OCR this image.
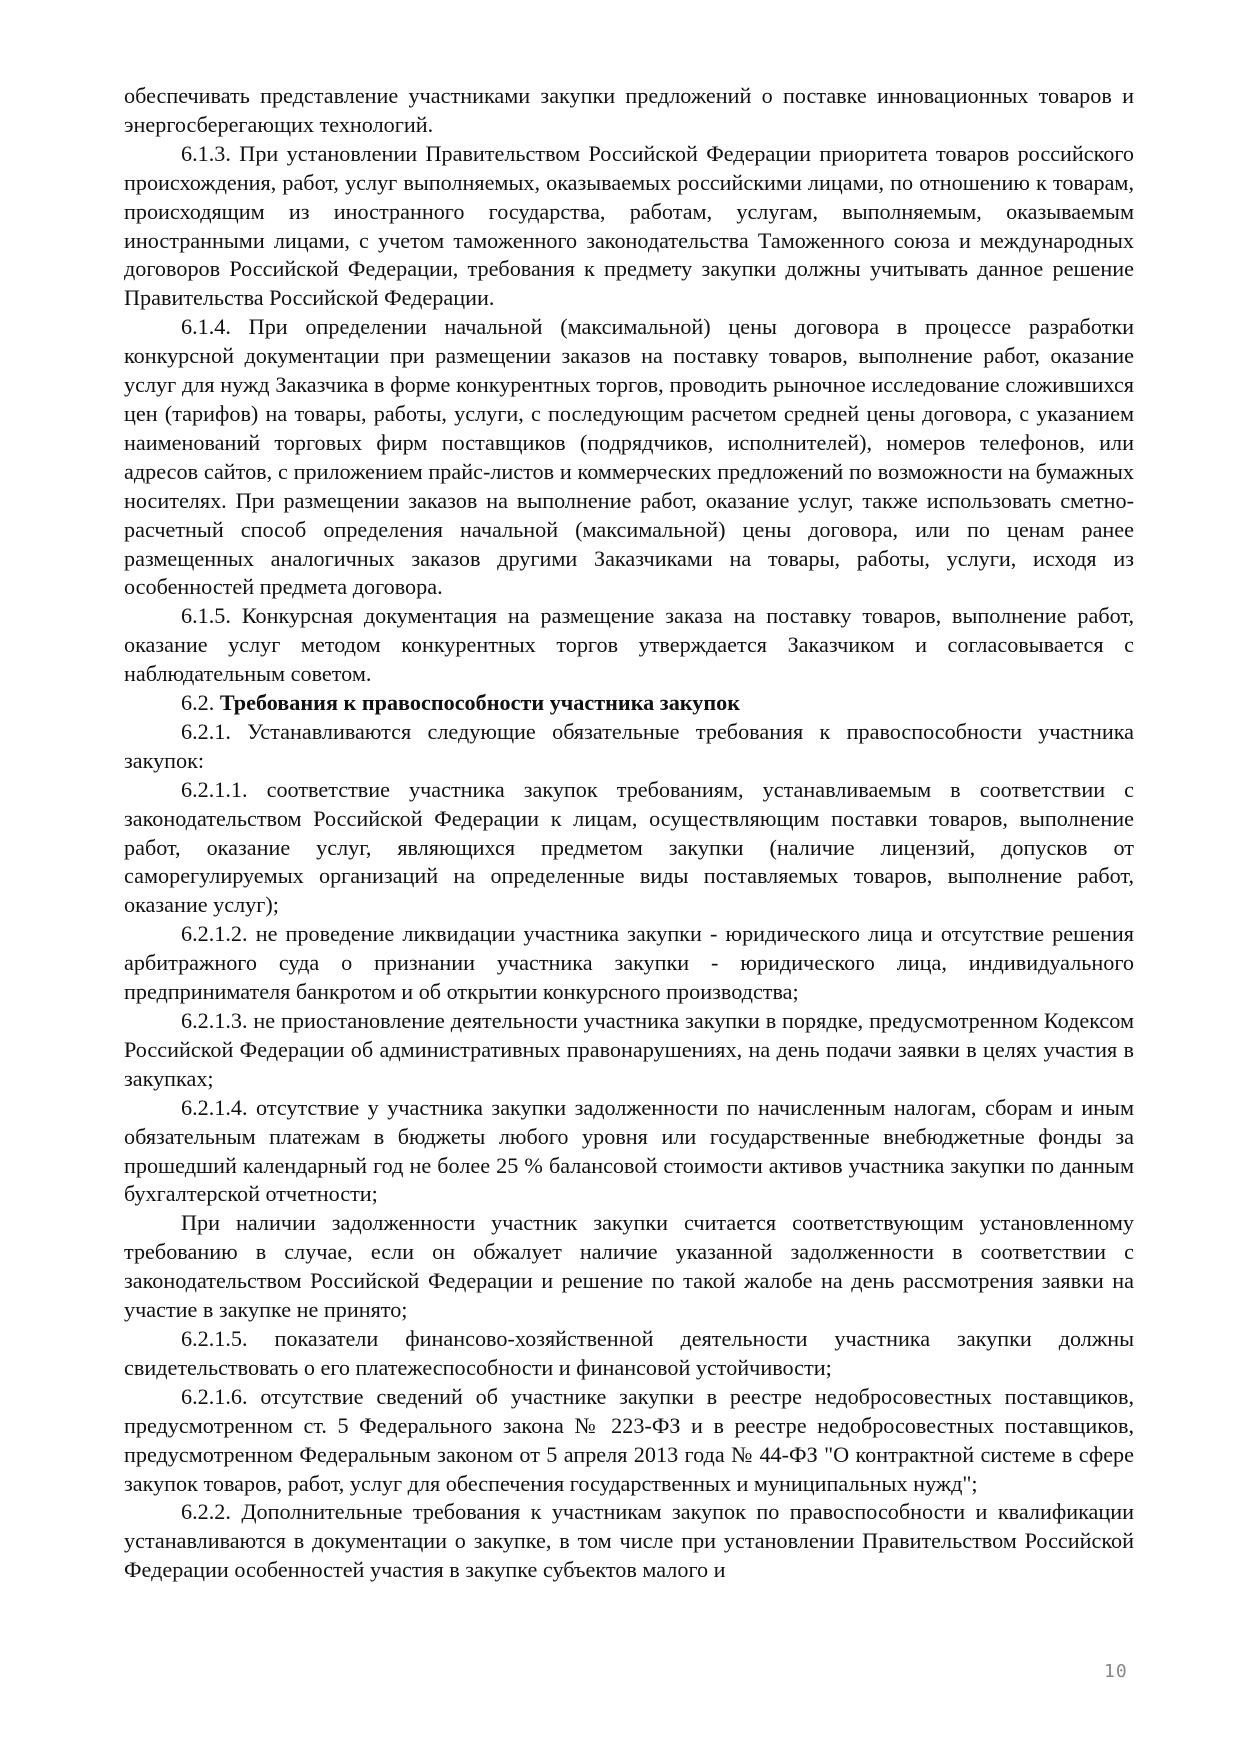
обеспечивать представление участниками закупки предложений о поставке инновационных товаров и энергосберегающих технологий.

6.1.3. При установлении Правительством Российской Федерации приоритета товаров российского происхождения, работ, услуг выполняемых, оказываемых российскими лицами, по отношению к товарам, происходящим из иностранного государства, работам, услугам, выполняемым, оказываемым иностранными лицами, с учетом таможенного законодательства Таможенного союза и международных договоров Российской Федерации, требования к предмету закупки должны учитывать данное решение Правительства Российской Федерации.

6.1.4. При определении начальной (максимальной) цены договора в процессе разработки конкурсной документации при размещении заказов на поставку товаров, выполнение работ, оказание услуг для нужд Заказчика в форме конкурентных торгов, проводить рыночное исследование сложившихся цен (тарифов) на товары, работы, услуги, с последующим расчетом средней цены договора, с указанием наименований торговых фирм поставщиков (подрядчиков, исполнителей), номеров телефонов, или адресов сайтов, с приложением прайс-листов и коммерческих предложений по возможности на бумажных носителях. При размещении заказов на выполнение работ, оказание услуг, также использовать сметно-расчетный способ определения начальной (максимальной) цены договора, или по ценам ранее размещенных аналогичных заказов другими Заказчиками на товары, работы, услуги, исходя из особенностей предмета договора.

6.1.5. Конкурсная документация на размещение заказа на поставку товаров, выполнение работ, оказание услуг методом конкурентных торгов утверждается Заказчиком и согласовывается с наблюдательным советом.

6.2. Требования к правоспособности участника закупок

6.2.1. Устанавливаются следующие обязательные требования к правоспособности участника закупок:

6.2.1.1. соответствие участника закупок требованиям, устанавливаемым в соответствии с законодательством Российской Федерации к лицам, осуществляющим поставки товаров, выполнение работ, оказание услуг, являющихся предметом закупки (наличие лицензий, допусков от саморегулируемых организаций на определенные виды поставляемых товаров, выполнение работ, оказание услуг);

6.2.1.2. не проведение ликвидации участника закупки - юридического лица и отсутствие решения арбитражного суда о признании участника закупки - юридического лица, индивидуального предпринимателя банкротом и об открытии конкурсного производства;

6.2.1.3. не приостановление деятельности участника закупки в порядке, предусмотренном Кодексом Российской Федерации об административных правонарушениях, на день подачи заявки в целях участия в закупках;

6.2.1.4. отсутствие у участника закупки задолженности по начисленным налогам, сборам и иным обязательным платежам в бюджеты любого уровня или государственные внебюджетные фонды за прошедший календарный год не более 25 % балансовой стоимости активов участника закупки по данным бухгалтерской отчетности;

При наличии задолженности участник закупки считается соответствующим установленному требованию в случае, если он обжалует наличие указанной задолженности в соответствии с законодательством Российской Федерации и решение по такой жалобе на день рассмотрения заявки на участие в закупке не принято;

6.2.1.5. показатели финансово-хозяйственной деятельности участника закупки должны свидетельствовать о его платежеспособности и финансовой устойчивости;

6.2.1.6. отсутствие сведений об участнике закупки в реестре недобросовестных поставщиков, предусмотренном ст. 5 Федерального закона № 223-ФЗ и в реестре недобросовестных поставщиков, предусмотренном Федеральным законом от 5 апреля 2013 года № 44-ФЗ "О контрактной системе в сфере закупок товаров, работ, услуг для обеспечения государственных и муниципальных нужд";

6.2.2. Дополнительные требования к участникам закупок по правоспособности и квалификации устанавливаются в документации о закупке, в том числе при установлении Правительством Российской Федерации особенностей участия в закупке субъектов малого и

10
